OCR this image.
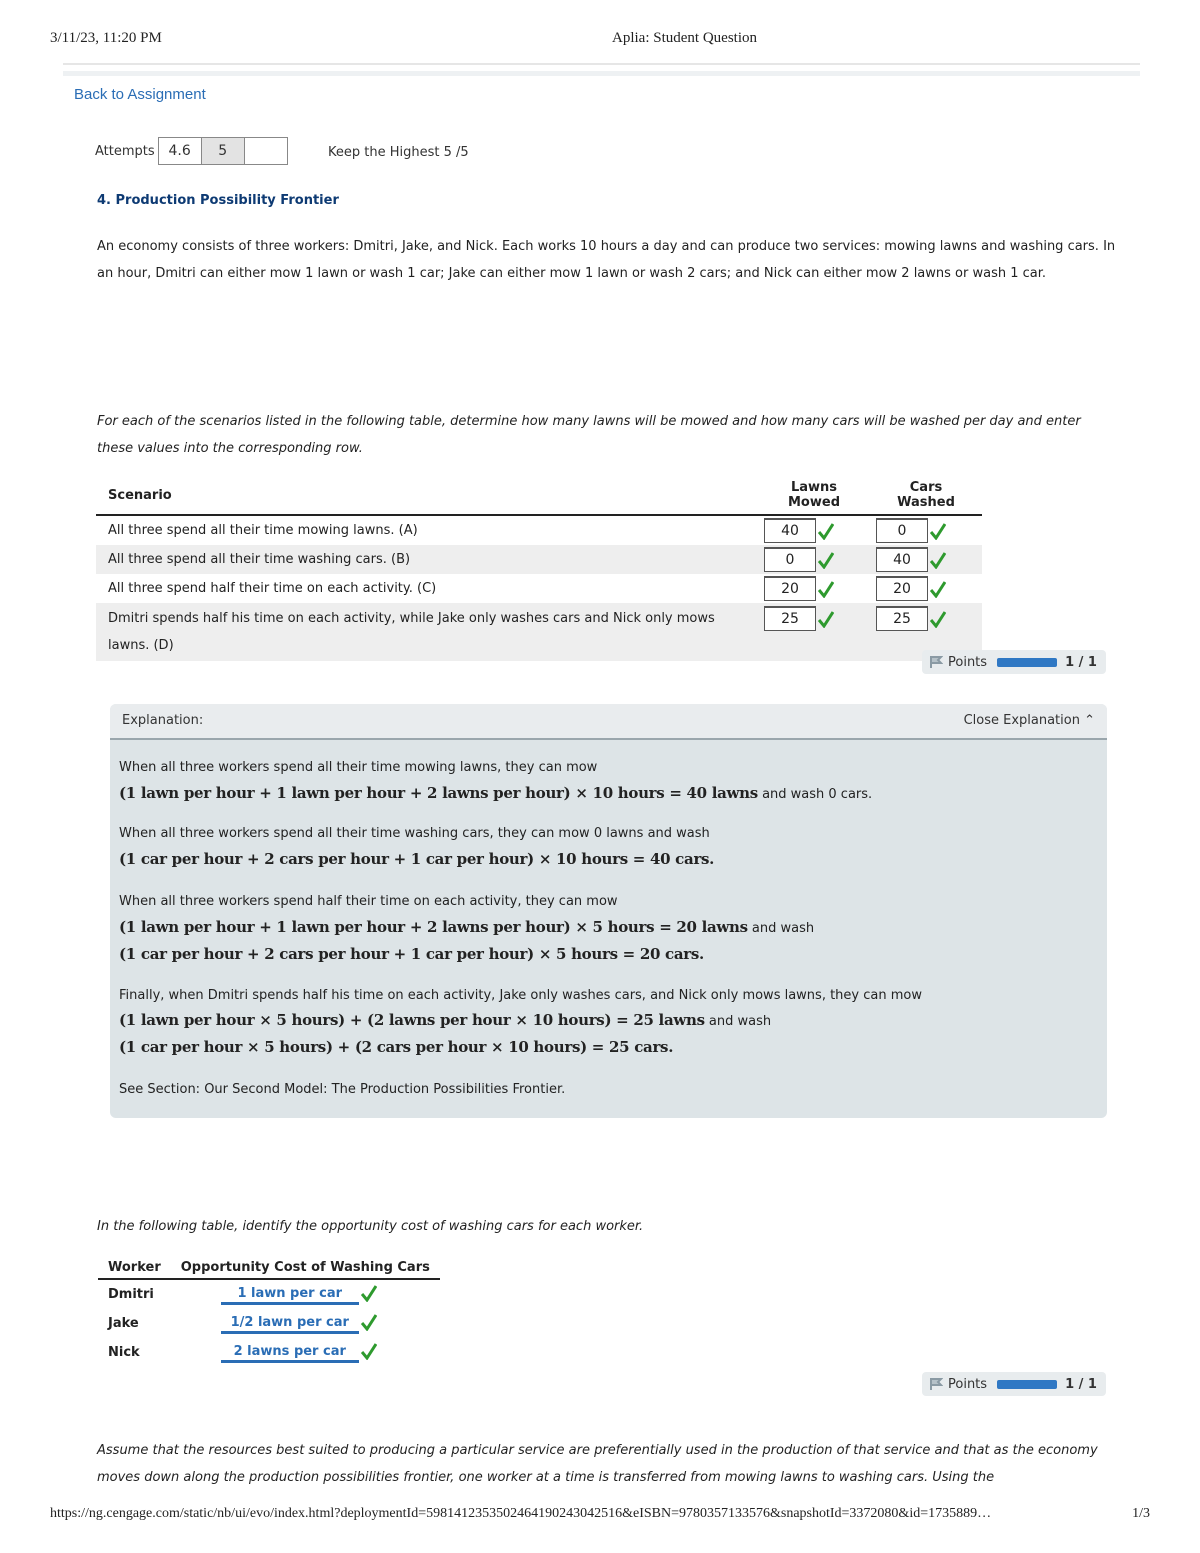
3/11/23, 11:20 PM	Aplia: Student Question
Back to Assignment
Attempts 4.6	5	Keep the Highest 5 /5
4. Production Possibility Frontier
An economy consists of three workers: Dmitri, Jake, and Nick. Each works 10 hours a day and can produce two services: mowing lawns and washing cars. In an hour, Dmitri can either mow 1 lawn or wash 1 car; Jake can either mow 1 lawn or wash 2 cars; and Nick can either mow 2 lawns or wash 1 car.
For each of the scenarios listed in the following table, determine how many lawns will be mowed and how many cars will be washed per day and enter these values into the corresponding row.
Scenario	Lawns Mowed	Cars Washed
All three spend all their time mowing lawns. (A)	40	0
All three spend all their time washing cars. (B)	0	40
All three spend half their time on each activity. (C)	20	20
Dmitri spends half his time on each activity, while Jake only washes cars and Nick only mows lawns. (D)	25	25
Points	1 / 1
Explanation:	Close Explanation ⌃
When all three workers spend all their time mowing lawns, they can mow
(1 lawn per hour + 1 lawn per hour + 2 lawns per hour) × 10 hours = 40 lawns and wash 0 cars.
When all three workers spend all their time washing cars, they can mow 0 lawns and wash
(1 car per hour + 2 cars per hour + 1 car per hour) × 10 hours = 40 cars.
When all three workers spend half their time on each activity, they can mow
(1 lawn per hour + 1 lawn per hour + 2 lawns per hour) × 5 hours = 20 lawns and wash
(1 car per hour + 2 cars per hour + 1 car per hour) × 5 hours = 20 cars.
Finally, when Dmitri spends half his time on each activity, Jake only washes cars, and Nick only mows lawns, they can mow
(1 lawn per hour × 5 hours) + (2 lawns per hour × 10 hours) = 25 lawns and wash
(1 car per hour × 5 hours) + (2 cars per hour × 10 hours) = 25 cars.
See Section: Our Second Model: The Production Possibilities Frontier.
In the following table, identify the opportunity cost of washing cars for each worker.
Worker	Opportunity Cost of Washing Cars
Dmitri	1 lawn per car
Jake	1/2 lawn per car
Nick	2 lawns per car
Points	1 / 1
Assume that the resources best suited to producing a particular service are preferentially used in the production of that service and that as the economy moves down along the production possibilities frontier, one worker at a time is transferred from mowing lawns to washing cars. Using the
https://ng.cengage.com/static/nb/ui/evo/index.html?deploymentId=5981412353502464190243042516&eISBN=9780357133576&snapshotId=3372080&id=1735889…	1/3
